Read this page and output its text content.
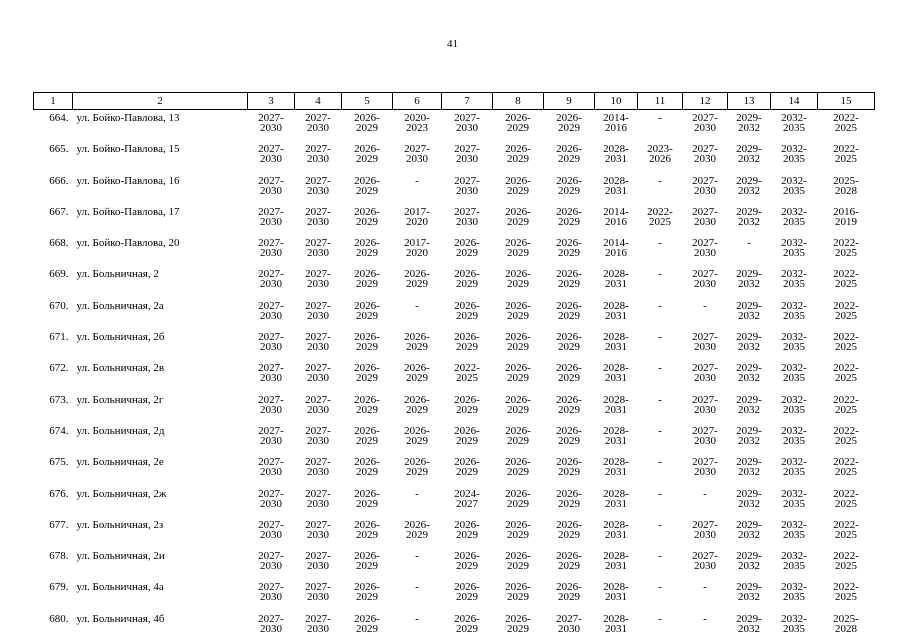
41
1	2	3	4	5	6	7	8	9	10	11	12	13	14	15
664.	ул. Бойко-Павлова, 13	2027-
2030	2027-
2030	2026-
2029	2020-
2023	2027-
2030	2026-
2029	2026-
2029	2014-
2016	-	2027-
2030	2029-
2032	2032-
2035	2022-
2025

665.	ул. Бойко-Павлова, 15	2027-
2030	2027-
2030	2026-
2029	2027-
2030	2027-
2030	2026-
2029	2026-
2029	2028-
2031	2023-
2026	2027-
2030	2029-
2032	2032-
2035	2022-
2025

666.	ул. Бойко-Павлова, 16	2027-
2030	2027-
2030	2026-
2029	-	2027-
2030	2026-
2029	2026-
2029	2028-
2031	-	2027-
2030	2029-
2032	2032-
2035	2025-
2028

667.	ул. Бойко-Павлова, 17	2027-
2030	2027-
2030	2026-
2029	2017-
2020	2027-
2030	2026-
2029	2026-
2029	2014-
2016	2022-
2025	2027-
2030	2029-
2032	2032-
2035	2016-
2019

668.	ул. Бойко-Павлова, 20	2027-
2030	2027-
2030	2026-
2029	2017-
2020	2026-
2029	2026-
2029	2026-
2029	2014-
2016	-	2027-
2030	-	2032-
2035	2022-
2025

669.	ул. Больничная, 2	2027-
2030	2027-
2030	2026-
2029	2026-
2029	2026-
2029	2026-
2029	2026-
2029	2028-
2031	-	2027-
2030	2029-
2032	2032-
2035	2022-
2025

670.	ул. Больничная, 2а	2027-
2030	2027-
2030	2026-
2029	-	2026-
2029	2026-
2029	2026-
2029	2028-
2031	-	-	2029-
2032	2032-
2035	2022-
2025

671.	ул. Больничная, 2б	2027-
2030	2027-
2030	2026-
2029	2026-
2029	2026-
2029	2026-
2029	2026-
2029	2028-
2031	-	2027-
2030	2029-
2032	2032-
2035	2022-
2025

672.	ул. Больничная, 2в	2027-
2030	2027-
2030	2026-
2029	2026-
2029	2022-
2025	2026-
2029	2026-
2029	2028-
2031	-	2027-
2030	2029-
2032	2032-
2035	2022-
2025

673.	ул. Больничная, 2г	2027-
2030	2027-
2030	2026-
2029	2026-
2029	2026-
2029	2026-
2029	2026-
2029	2028-
2031	-	2027-
2030	2029-
2032	2032-
2035	2022-
2025

674.	ул. Больничная, 2д	2027-
2030	2027-
2030	2026-
2029	2026-
2029	2026-
2029	2026-
2029	2026-
2029	2028-
2031	-	2027-
2030	2029-
2032	2032-
2035	2022-
2025

675.	ул. Больничная, 2е	2027-
2030	2027-
2030	2026-
2029	2026-
2029	2026-
2029	2026-
2029	2026-
2029	2028-
2031	-	2027-
2030	2029-
2032	2032-
2035	2022-
2025

676.	ул. Больничная, 2ж	2027-
2030	2027-
2030	2026-
2029	-	2024-
2027	2026-
2029	2026-
2029	2028-
2031	-	-	2029-
2032	2032-
2035	2022-
2025

677.	ул. Больничная, 2з	2027-
2030	2027-
2030	2026-
2029	2026-
2029	2026-
2029	2026-
2029	2026-
2029	2028-
2031	-	2027-
2030	2029-
2032	2032-
2035	2022-
2025

678.	ул. Больничная, 2и	2027-
2030	2027-
2030	2026-
2029	-	2026-
2029	2026-
2029	2026-
2029	2028-
2031	-	2027-
2030	2029-
2032	2032-
2035	2022-
2025

679.	ул. Больничная, 4а	2027-
2030	2027-
2030	2026-
2029	-	2026-
2029	2026-
2029	2026-
2029	2028-
2031	-	-	2029-
2032	2032-
2035	2022-
2025

680.	ул. Больничная, 4б	2027-
2030	2027-
2030	2026-
2029	-	2026-
2029	2026-
2029	2027-
2030	2028-
2031	-	-	2029-
2032	2032-
2035	2025-
2028
